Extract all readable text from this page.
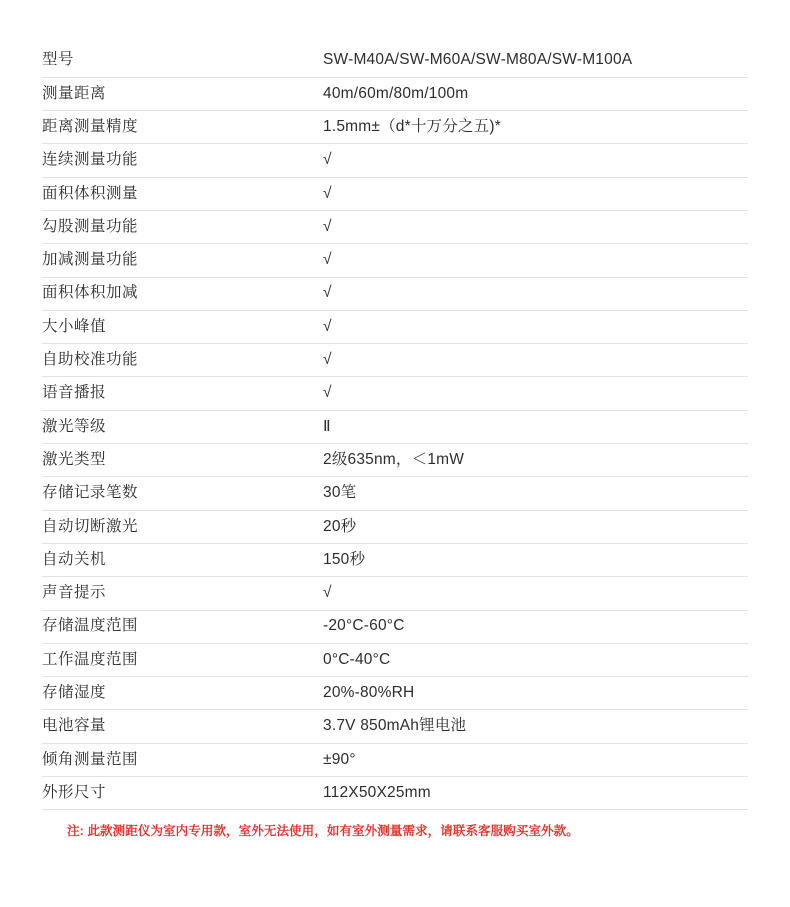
型号	SW-M40A/SW-M60A/SW-M80A/SW-M100A
测量距离	40m/60m/80m/100m
距离测量精度	1.5mm±（d*十万分之五)*
连续测量功能	√
面积体积测量	√
勾股测量功能	√
加减测量功能	√
面积体积加减	√
大小峰值	√
自助校准功能	√
语音播报	√
激光等级	Ⅱ
激光类型	2级635nm，＜1mW
存储记录笔数	30笔
自动切断激光	20秒
自动关机	150秒
声音提示	√
存储温度范围	-20°C-60°C
工作温度范围	0°C-40°C
存储湿度	20%-80%RH
电池容量	3.7V 850mAh锂电池
倾角测量范围	±90°
外形尺寸	112X50X25mm
注: 此款测距仪为室内专用款，室外无法使用，如有室外测量需求，请联系客服购买室外款。
